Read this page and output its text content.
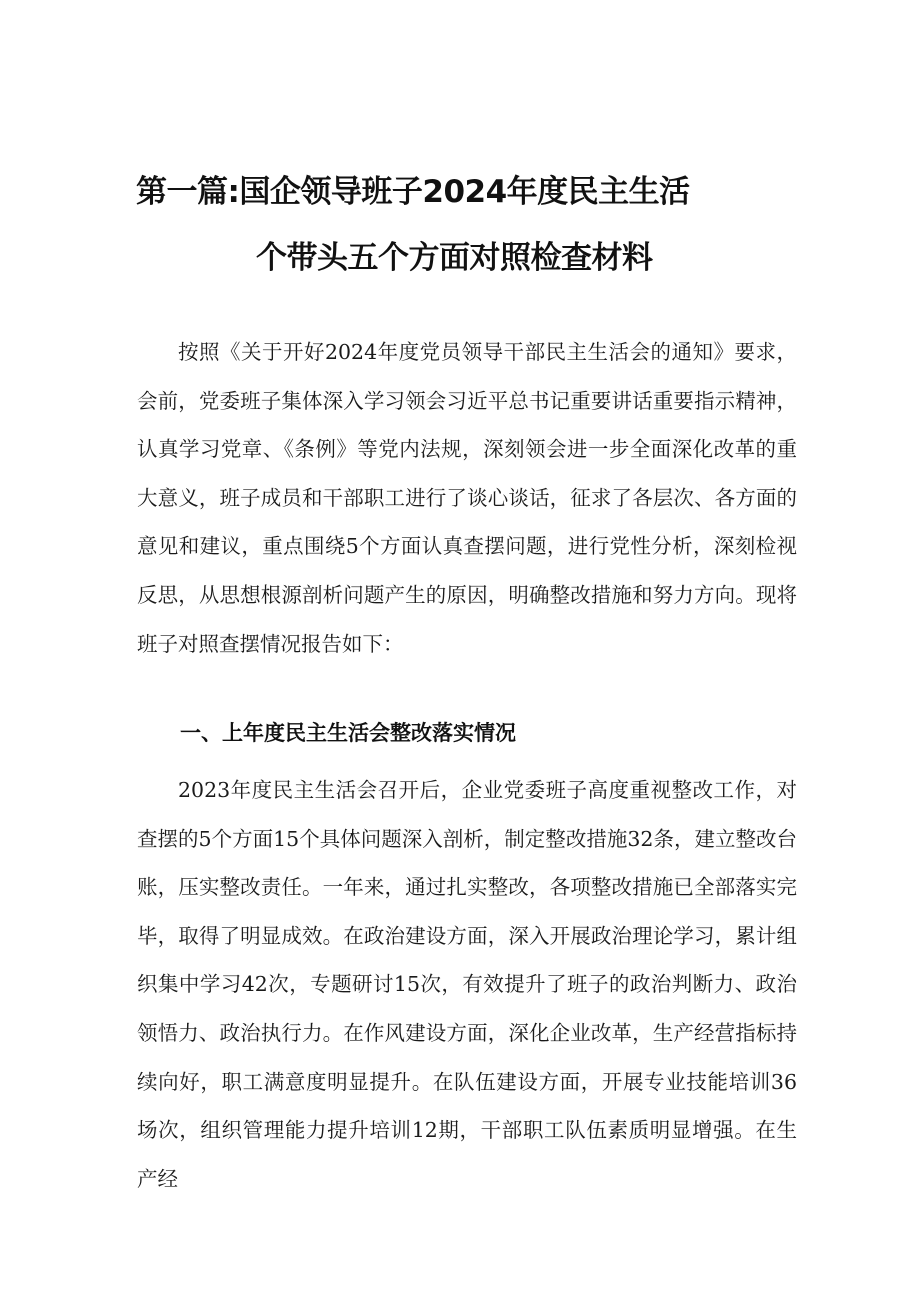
第一篇:国企领导班子2024年度民主生活
个带头五个方面对照检查材料

按照《关于开好2024年度党员领导干部民主生活会的通知》要求，会前，党委班子集体深入学习领会习近平总书记重要讲话重要指示精神，认真学习党章、《条例》等党内法规，深刻领会进一步全面深化改革的重大意义，班子成员和干部职工进行了谈心谈话，征求了各层次、各方面的意见和建议，重点围绕5个方面认真查摆问题，进行党性分析，深刻检视反思，从思想根源剖析问题产生的原因，明确整改措施和努力方向。现将班子对照查摆情况报告如下：

一、上年度民主生活会整改落实情况

2023年度民主生活会召开后，企业党委班子高度重视整改工作，对查摆的5个方面15个具体问题深入剖析，制定整改措施32条，建立整改台账，压实整改责任。一年来，通过扎实整改，各项整改措施已全部落实完毕，取得了明显成效。在政治建设方面，深入开展政治理论学习，累计组织集中学习42次，专题研讨15次，有效提升了班子的政治判断力、政治领悟力、政治执行力。在作风建设方面，深化企业改革，生产经营指标持续向好，职工满意度明显提升。在队伍建设方面，开展专业技能培训36场次，组织管理能力提升培训12期，干部职工队伍素质明显增强。在生产经
